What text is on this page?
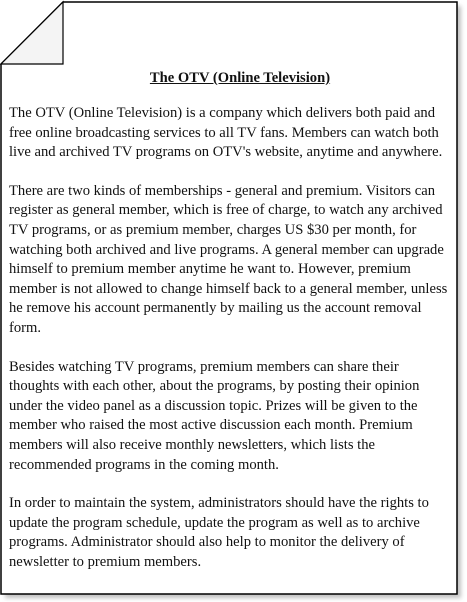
The OTV (Online Television)

The OTV (Online Television) is a company which delivers both paid and free online broadcasting services to all TV fans. Members can watch both live and archived TV programs on OTV's website, anytime and anywhere.

There are two kinds of memberships - general and premium. Visitors can register as general member, which is free of charge, to watch any archived TV programs, or as premium member, charges US $30 per month, for watching both archived and live programs. A general member can upgrade himself to premium member anytime he want to. However, premium member is not allowed to change himself back to a general member, unless he remove his account permanently by mailing us the account removal form.

Besides watching TV programs, premium members can share their thoughts with each other, about the programs, by posting their opinion under the video panel as a discussion topic. Prizes will be given to the member who raised the most active discussion each month. Premium members will also receive monthly newsletters, which lists the recommended programs in the coming month.

In order to maintain the system, administrators should have the rights to update the program schedule, update the program as well as to archive programs. Administrator should also help to monitor the delivery of newsletter to premium members.
